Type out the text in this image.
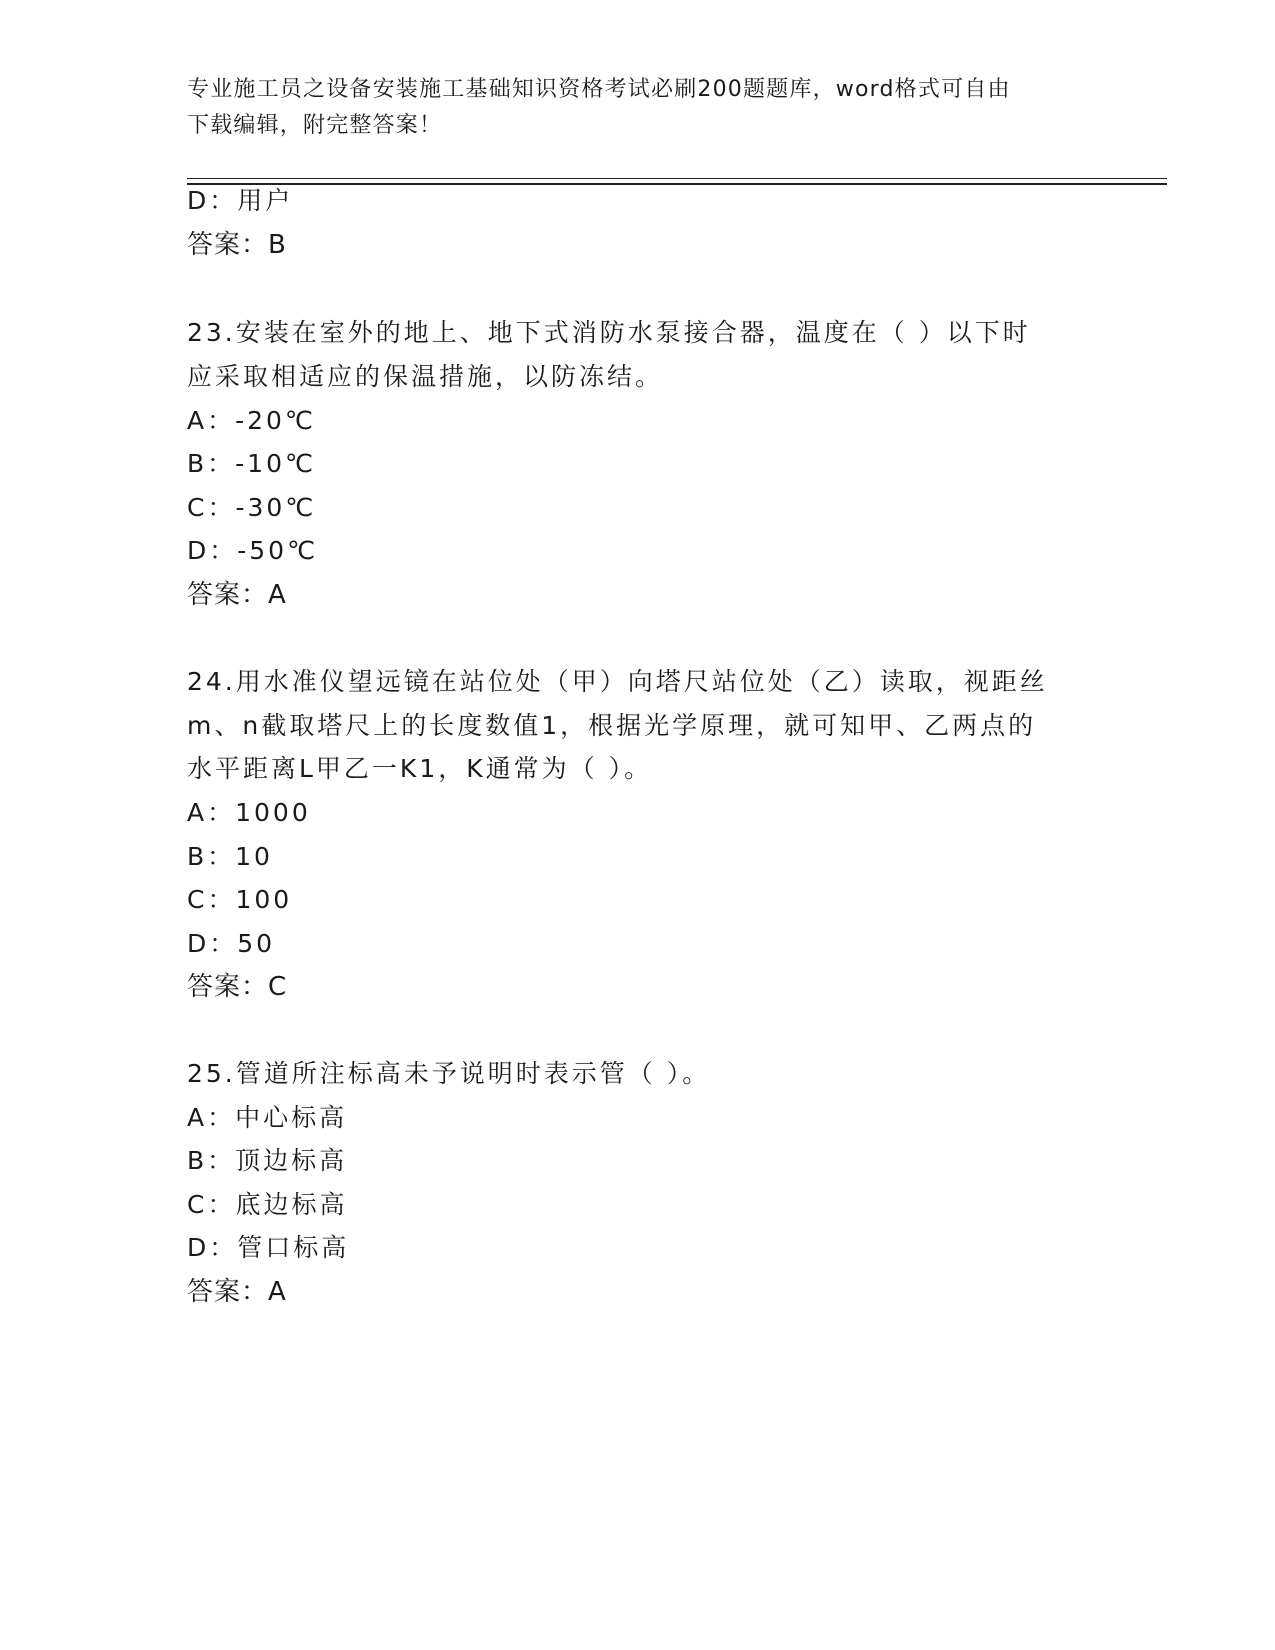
专业施工员之设备安装施工基础知识资格考试必刷200题题库，word格式可自由
下载编辑，附完整答案！
D：用户
答案：B
23.安装在室外的地上、地下式消防水泵接合器，温度在（ ）以下时
应采取相适应的保温措施，以防冻结。
A：-20℃
B：-10℃
C：-30℃
D：-50℃
答案：A
24.用水准仪望远镜在站位处（甲）向塔尺站位处（乙）读取，视距丝
m、n截取塔尺上的长度数值1，根据光学原理，就可知甲、乙两点的
水平距离L甲乙一K1，K通常为（ ）。
A：1000
B：10
C：100
D：50
答案：C
25.管道所注标高未予说明时表示管（ ）。
A：中心标高
B：顶边标高
C：底边标高
D：管口标高
答案：A
